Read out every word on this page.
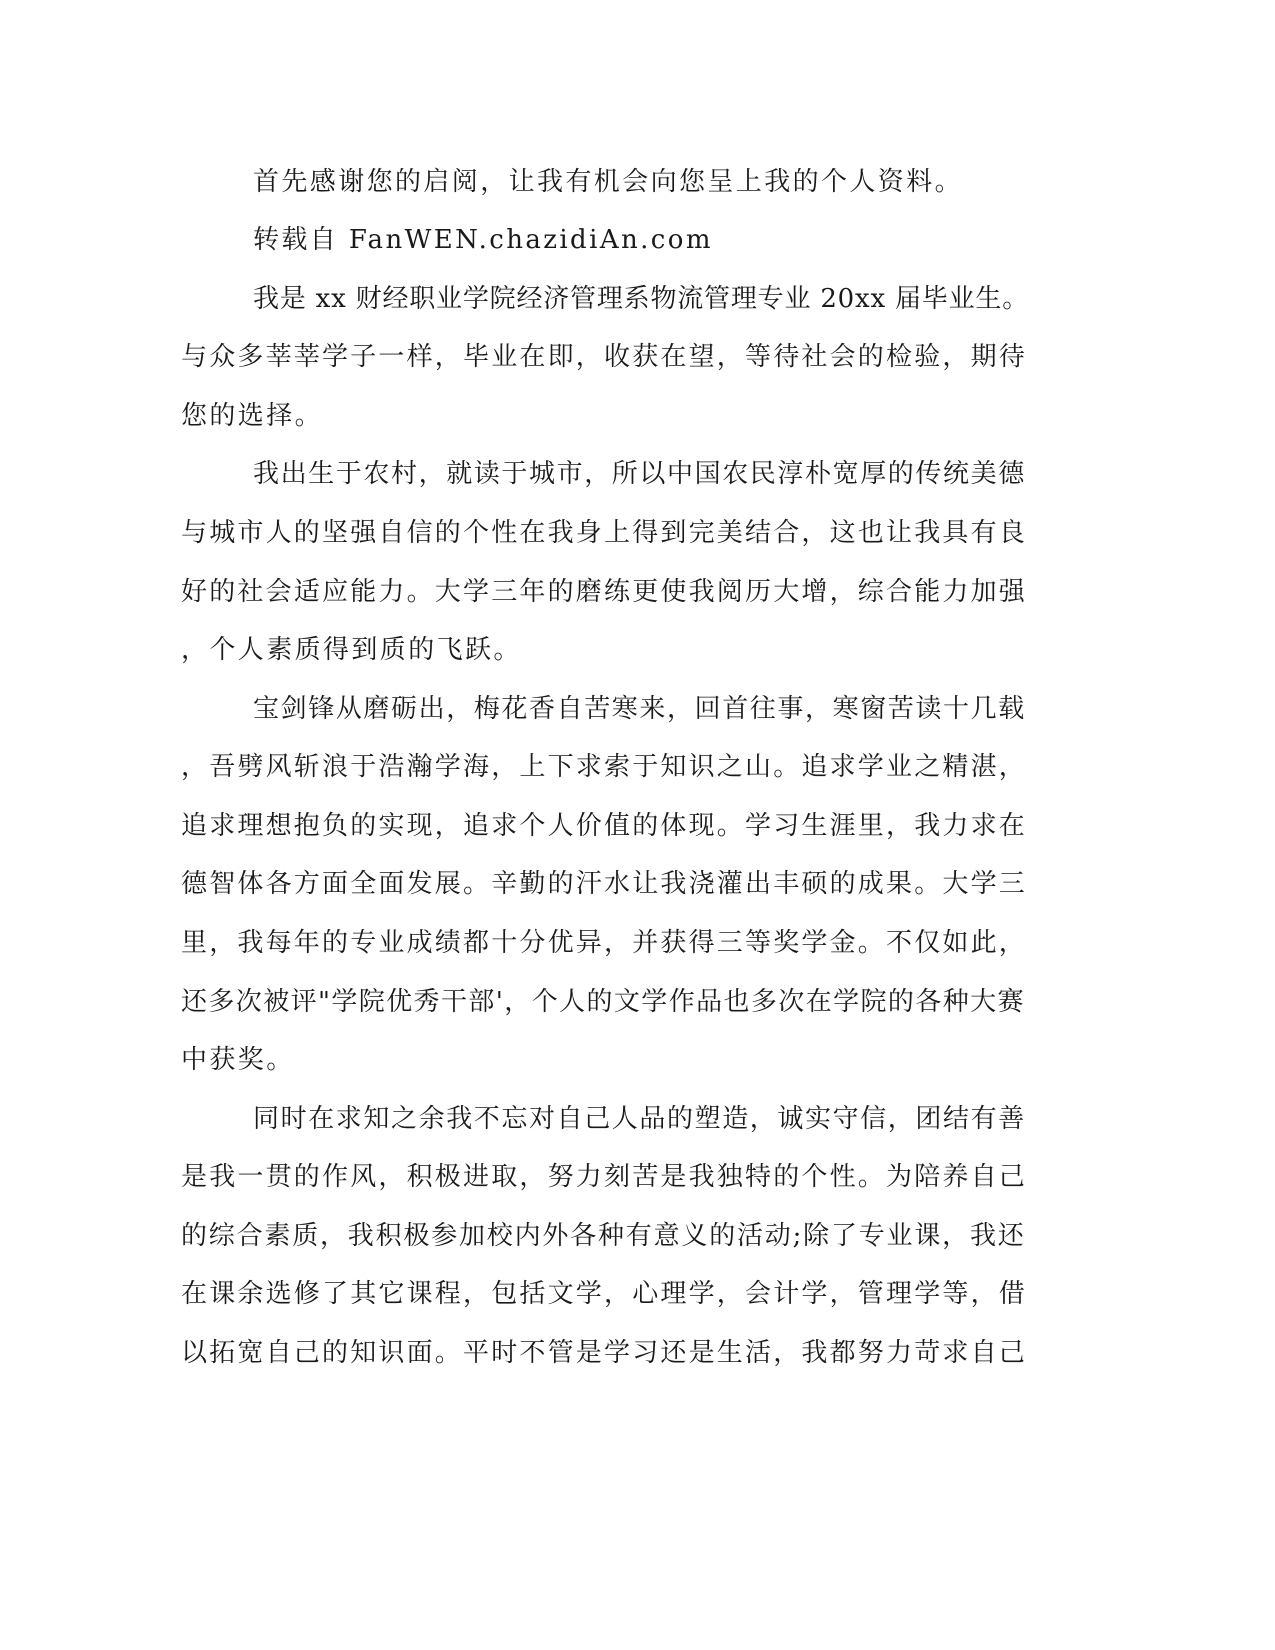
首先感谢您的启阅，让我有机会向您呈上我的个人资料。
转载自 FanWEN.chazidiAn.com
我是 xx 财经职业学院经济管理系物流管理专业 20xx 届毕业生。
与众多莘莘学子一样，毕业在即，收获在望，等待社会的检验，期待
您的选择。
我出生于农村，就读于城市，所以中国农民淳朴宽厚的传统美德
与城市人的坚强自信的个性在我身上得到完美结合，这也让我具有良
好的社会适应能力。大学三年的磨练更使我阅历大增，综合能力加强
，个人素质得到质的飞跃。
宝剑锋从磨砺出，梅花香自苦寒来，回首往事，寒窗苦读十几载
，吾劈风斩浪于浩瀚学海，上下求索于知识之山。追求学业之精湛，
追求理想抱负的实现，追求个人价值的体现。学习生涯里，我力求在
德智体各方面全面发展。辛勤的汗水让我浇灌出丰硕的成果。大学三
里，我每年的专业成绩都十分优异，并获得三等奖学金。不仅如此，
还多次被评"学院优秀干部'，个人的文学作品也多次在学院的各种大赛
中获奖。
同时在求知之余我不忘对自己人品的塑造，诚实守信，团结有善
是我一贯的作风，积极进取，努力刻苦是我独特的个性。为陪养自己
的综合素质，我积极参加校内外各种有意义的活动;除了专业课，我还
在课余选修了其它课程，包括文学，心理学，会计学，管理学等，借
以拓宽自己的知识面。平时不管是学习还是生活，我都努力苛求自己
